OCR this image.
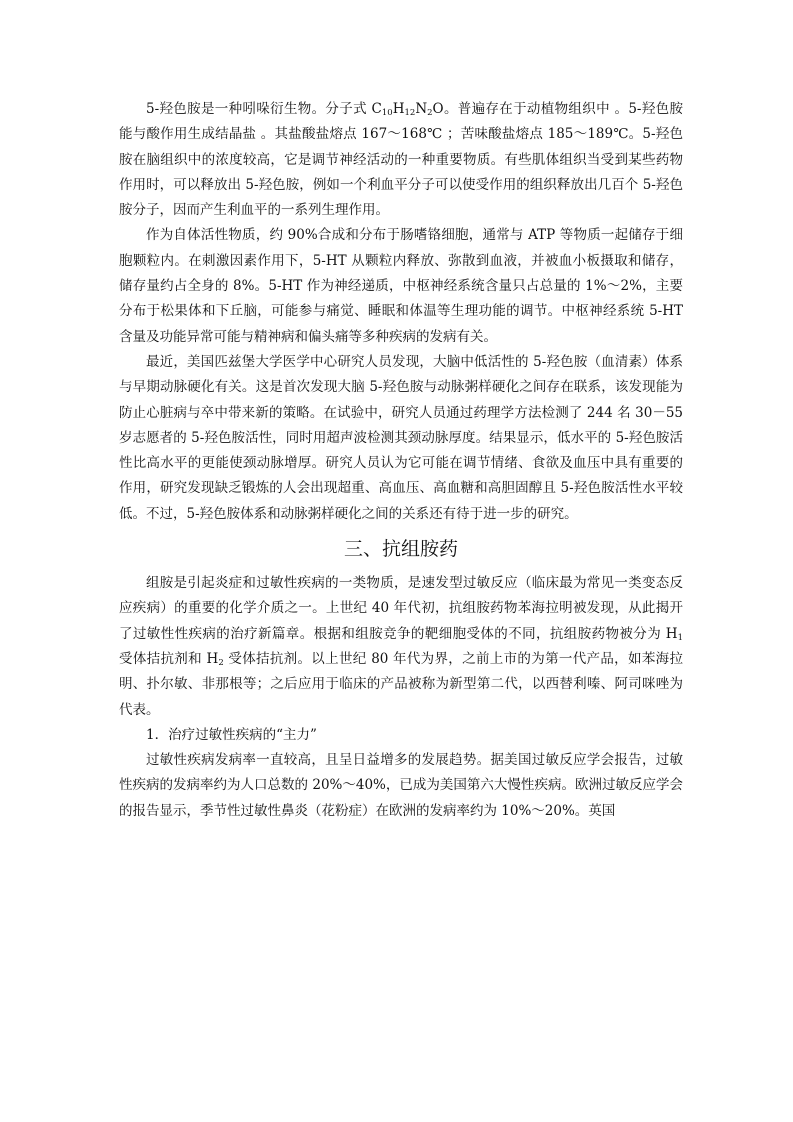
5-羟色胺是一种吲哚衍生物。分子式 $C_{10}H_{12}N_2O$。普遍存在于动植物组织中 。5-羟色胺能与酸作用生成结晶盐 。其盐酸盐熔点 167～168℃ ；苦味酸盐熔点 185～189℃。5-羟色胺在脑组织中的浓度较高，它是调节神经活动的一种重要物质。有些肌体组织当受到某些药物作用时，可以释放出 5-羟色胺，例如一个利血平分子可以使受作用的组织释放出几百个 5-羟色胺分子，因而产生利血平的一系列生理作用。

作为自体活性物质，约 90%合成和分布于肠嗜铬细胞，通常与 ATP 等物质一起储存于细胞颗粒内。在刺激因素作用下，5-HT 从颗粒内释放、弥散到血液，并被血小板摄取和储存，储存量约占全身的 8%。5-HT 作为神经递质，中枢神经系统含量只占总量的 1%～2%，主要分布于松果体和下丘脑，可能参与痛觉、睡眠和体温等生理功能的调节。中枢神经系统 5-HT 含量及功能异常可能与精神病和偏头痛等多种疾病的发病有关。

最近，美国匹兹堡大学医学中心研究人员发现，大脑中低活性的 5-羟色胺（血清素）体系与早期动脉硬化有关。这是首次发现大脑 5-羟色胺与动脉粥样硬化之间存在联系，该发现能为防止心脏病与卒中带来新的策略。在试验中，研究人员通过药理学方法检测了 244 名 30－55 岁志愿者的 5-羟色胺活性，同时用超声波检测其颈动脉厚度。结果显示，低水平的 5-羟色胺活性比高水平的更能使颈动脉增厚。研究人员认为它可能在调节情绪、食欲及血压中具有重要的作用，研究发现缺乏锻炼的人会出现超重、高血压、高血糖和高胆固醇且 5-羟色胺活性水平较低。不过，5-羟色胺体系和动脉粥样硬化之间的关系还有待于进一步的研究。

三、抗组胺药

组胺是引起炎症和过敏性疾病的一类物质，是速发型过敏反应（临床最为常见一类变态反应疾病）的重要的化学介质之一。上世纪 40 年代初，抗组胺药物苯海拉明被发现，从此揭开了过敏性性疾病的治疗新篇章。根据和组胺竞争的靶细胞受体的不同，抗组胺药物被分为 $H_1$ 受体拮抗剂和 $H_2$ 受体拮抗剂。以上世纪 80 年代为界，之前上市的为第一代产品，如苯海拉明、扑尔敏、非那根等；之后应用于临床的产品被称为新型第二代，以西替利嗪、阿司咪唑为代表。

1．治疗过敏性疾病的“主力”

过敏性疾病发病率一直较高，且呈日益增多的发展趋势。据美国过敏反应学会报告，过敏性疾病的发病率约为人口总数的 20%～40%，已成为美国第六大慢性疾病。欧洲过敏反应学会的报告显示，季节性过敏性鼻炎（花粉症）在欧洲的发病率约为 10%～20%。英国
